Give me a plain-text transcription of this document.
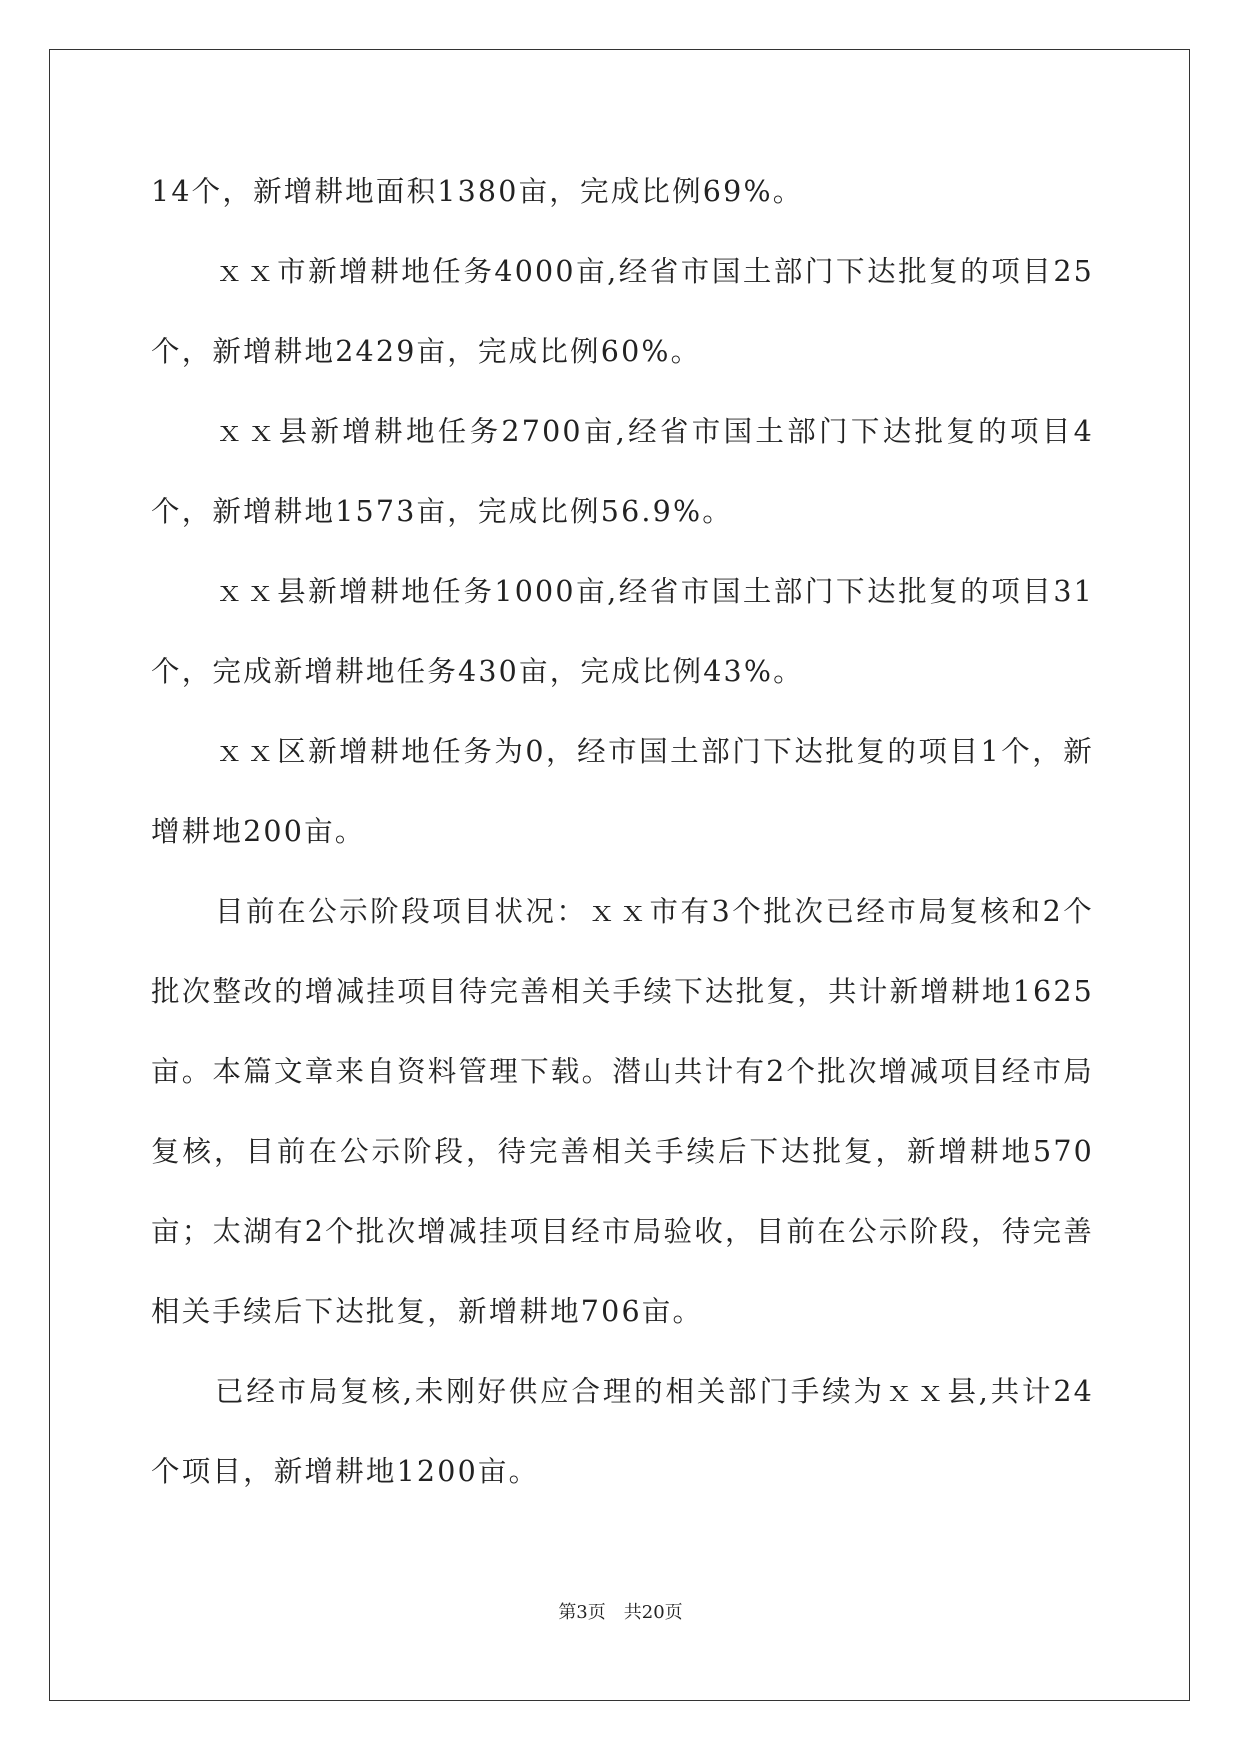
14个，新增耕地面积1380亩，完成比例69%。

ｘｘ市新增耕地任务4000亩,经省市国土部门下达批复的项目25个，新增耕地2429亩，完成比例60%。

ｘｘ县新增耕地任务2700亩,经省市国土部门下达批复的项目4个，新增耕地1573亩，完成比例56.9%。

ｘｘ县新增耕地任务1000亩,经省市国土部门下达批复的项目31个，完成新增耕地任务430亩，完成比例43%。

ｘｘ区新增耕地任务为0，经市国土部门下达批复的项目1个，新增耕地200亩。

目前在公示阶段项目状况：ｘｘ市有3个批次已经市局复核和2个批次整改的增减挂项目待完善相关手续下达批复，共计新增耕地1625亩。本篇文章来自资料管理下载。潜山共计有2个批次增减项目经市局复核，目前在公示阶段，待完善相关手续后下达批复，新增耕地570亩；太湖有2个批次增减挂项目经市局验收，目前在公示阶段，待完善相关手续后下达批复，新增耕地706亩。

已经市局复核,未刚好供应合理的相关部门手续为ｘｘ县,共计24个项目，新增耕地1200亩。

第3页　共20页
